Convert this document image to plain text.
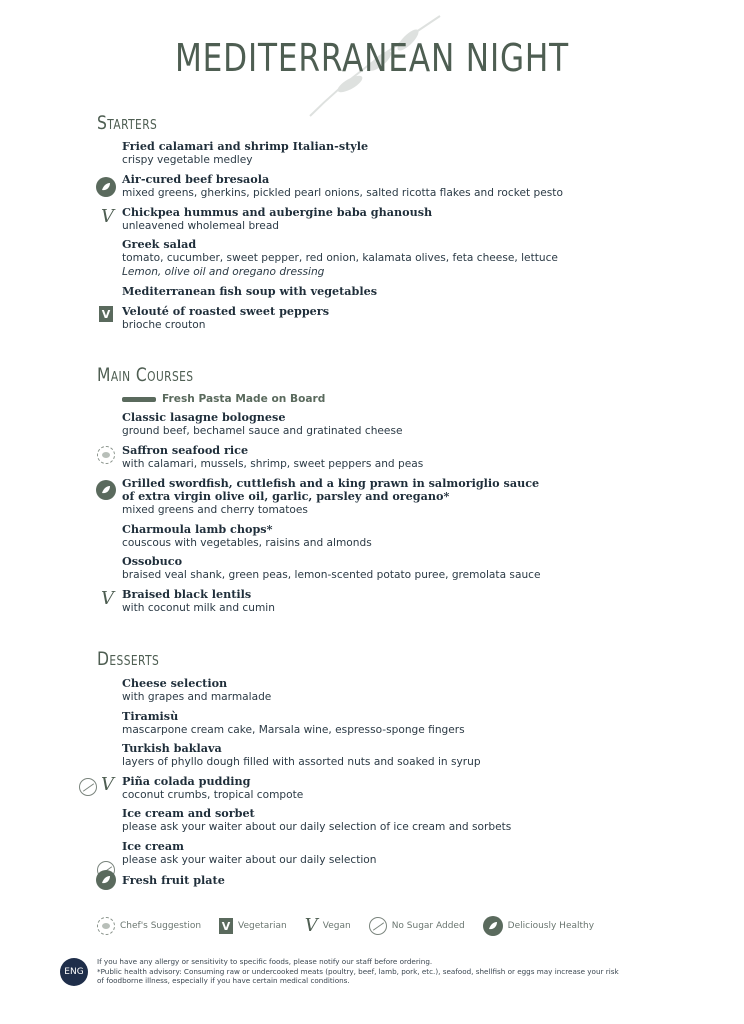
MEDITERRANEAN NIGHT
Starters
Fried calamari and shrimp Italian-style
crispy vegetable medley
Air-cured beef bresaola
mixed greens, gherkins, pickled pearl onions, salted ricotta flakes and rocket pesto
V Chickpea hummus and aubergine baba ghanoush
unleavened wholemeal bread
Greek salad
tomato, cucumber, sweet pepper, red onion, kalamata olives, feta cheese, lettuce
Lemon, olive oil and oregano dressing
Mediterranean fish soup with vegetables
V Velouté of roasted sweet peppers
brioche crouton
Main Courses
Fresh Pasta Made on Board
Classic lasagne bolognese
ground beef, bechamel sauce and gratinated cheese
Saffron seafood rice
with calamari, mussels, shrimp, sweet peppers and peas
Grilled swordfish, cuttlefish and a king prawn in salmoriglio sauce
of extra virgin olive oil, garlic, parsley and oregano*
mixed greens and cherry tomatoes
Charmoula lamb chops*
couscous with vegetables, raisins and almonds
Ossobuco
braised veal shank, green peas, lemon-scented potato puree, gremolata sauce
V Braised black lentils
with coconut milk and cumin
Desserts
Cheese selection
with grapes and marmalade
Tiramisù
mascarpone cream cake, Marsala wine, espresso-sponge fingers
Turkish baklava
layers of phyllo dough filled with assorted nuts and soaked in syrup
V Piña colada pudding
coconut crumbs, tropical compote
Ice cream and sorbet
please ask your waiter about our daily selection of ice cream and sorbets
Ice cream
please ask your waiter about our daily selection
Fresh fruit plate
Chef's Suggestion V Vegetarian V Vegan	No Sugar Added	Deliciously Healthy
ENG
If you have any allergy or sensitivity to specific foods, please notify our staff before ordering.
*Public health advisory: Consuming raw or undercooked meats (poultry, beef, lamb, pork, etc.), seafood, shellfish or eggs may increase your risk
of foodborne illness, especially if you have certain medical conditions.
